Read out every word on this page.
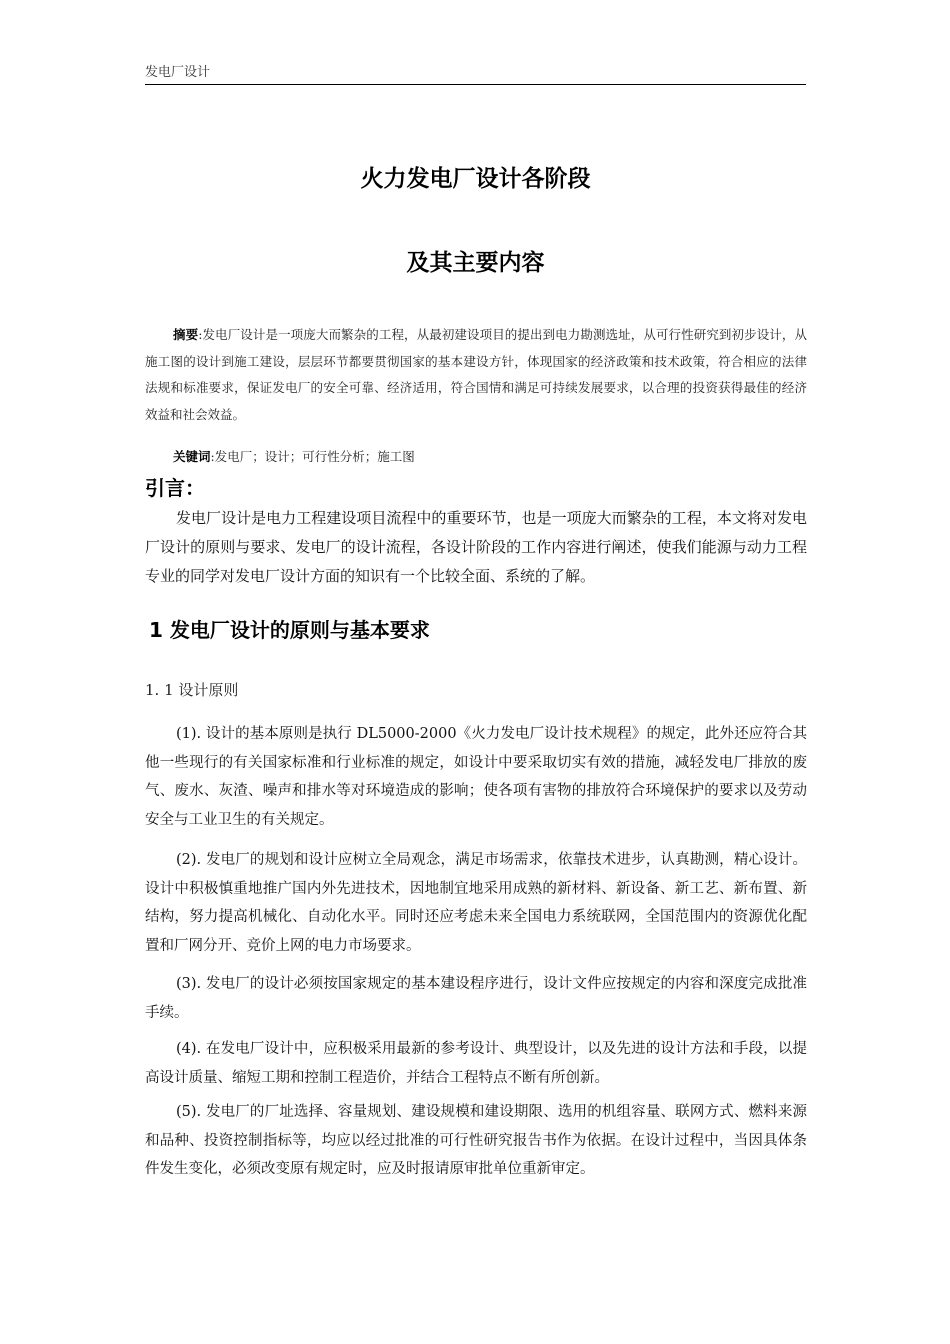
发电厂设计
火力发电厂设计各阶段
及其主要内容
摘要:发电厂设计是一项庞大而繁杂的工程，从最初建设项目的提出到电力勘测选址，从可行性研究到初步设计，从施工图的设计到施工建设，层层环节都要贯彻国家的基本建设方针，体现国家的经济政策和技术政策，符合相应的法律法规和标准要求，保证发电厂的安全可靠、经济适用，符合国情和满足可持续发展要求，以合理的投资获得最佳的经济效益和社会效益。
关键词:发电厂；设计；可行性分析；施工图
引言：
发电厂设计是电力工程建设项目流程中的重要环节，也是一项庞大而繁杂的工程，本文将对发电厂设计的原则与要求、发电厂的设计流程，各设计阶段的工作内容进行阐述，使我们能源与动力工程专业的同学对发电厂设计方面的知识有一个比较全面、系统的了解。
1 发电厂设计的原则与基本要求
1. 1 设计原则
(1). 设计的基本原则是执行 DL5000-2000《火力发电厂设计技术规程》的规定，此外还应符合其他一些现行的有关国家标准和行业标准的规定，如设计中要采取切实有效的措施，减轻发电厂排放的废气、废水、灰渣、噪声和排水等对环境造成的影响；使各项有害物的排放符合环境保护的要求以及劳动安全与工业卫生的有关规定。
(2). 发电厂的规划和设计应树立全局观念，满足市场需求，依靠技术进步，认真勘测，精心设计。设计中积极慎重地推广国内外先进技术，因地制宜地采用成熟的新材料、新设备、新工艺、新布置、新结构，努力提高机械化、自动化水平。同时还应考虑未来全国电力系统联网，全国范围内的资源优化配置和厂网分开、竞价上网的电力市场要求。
(3). 发电厂的设计必须按国家规定的基本建设程序进行，设计文件应按规定的内容和深度完成批准手续。
(4). 在发电厂设计中，应积极采用最新的参考设计、典型设计，以及先进的设计方法和手段，以提高设计质量、缩短工期和控制工程造价，并结合工程特点不断有所创新。
(5). 发电厂的厂址选择、容量规划、建设规模和建设期限、选用的机组容量、联网方式、燃料来源和品种、投资控制指标等，均应以经过批准的可行性研究报告书作为依据。在设计过程中，当因具体条件发生变化，必须改变原有规定时，应及时报请原审批单位重新审定。
